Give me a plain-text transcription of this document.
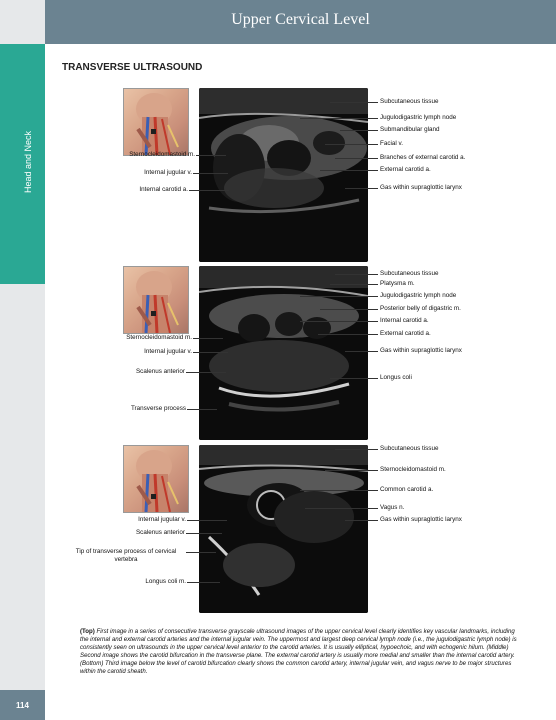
Head and Neck
114
Upper Cervical Level
TRANSVERSE ULTRASOUND
Subcutaneous tissue
Jugulodigastric lymph node
Submandibular gland
Facial v.
Branches of external carotid a.
External carotid a.
Gas within supraglottic larynx
Sternocleidomastoid m.
Internal jugular v.
Internal carotid a.
Subcutaneous tissue
Platysma m.
Jugulodigastric lymph node
Posterior belly of digastric m.
Internal carotid a.
External carotid a.
Gas within supraglottic larynx
Longus coli
Sternocleidomastoid m.
Internal jugular v.
Scalenus anterior
Transverse process
Subcutaneous tissue
Sternocleidomastoid m.
Common carotid a.
Vagus n.
Gas within supraglottic larynx
Internal jugular v.
Scalenus anterior
Tip of transverse process of cervical vertebra
Longus coli m.
(Top) First image in a series of consecutive transverse grayscale ultrasound images of the upper cervical level clearly identifies key vascular landmarks, including the internal and external carotid arteries and the internal jugular vein. The uppermost and largest deep cervical lymph node (i.e., the jugulodigastric lymph node) is consistently seen on ultrasounds in the upper cervical level anterior to the carotid arteries. It is usually elliptical, hypoechoic, and with echogenic hilum. (Middle) Second image shows the carotid bifurcation in the transverse plane. The external carotid artery is usually more medial and smaller than the internal carotid artery. (Bottom) Third image below the level of carotid bifurcation clearly shows the common carotid artery, internal jugular vein, and vagus nerve to be major structures within the carotid sheath.
